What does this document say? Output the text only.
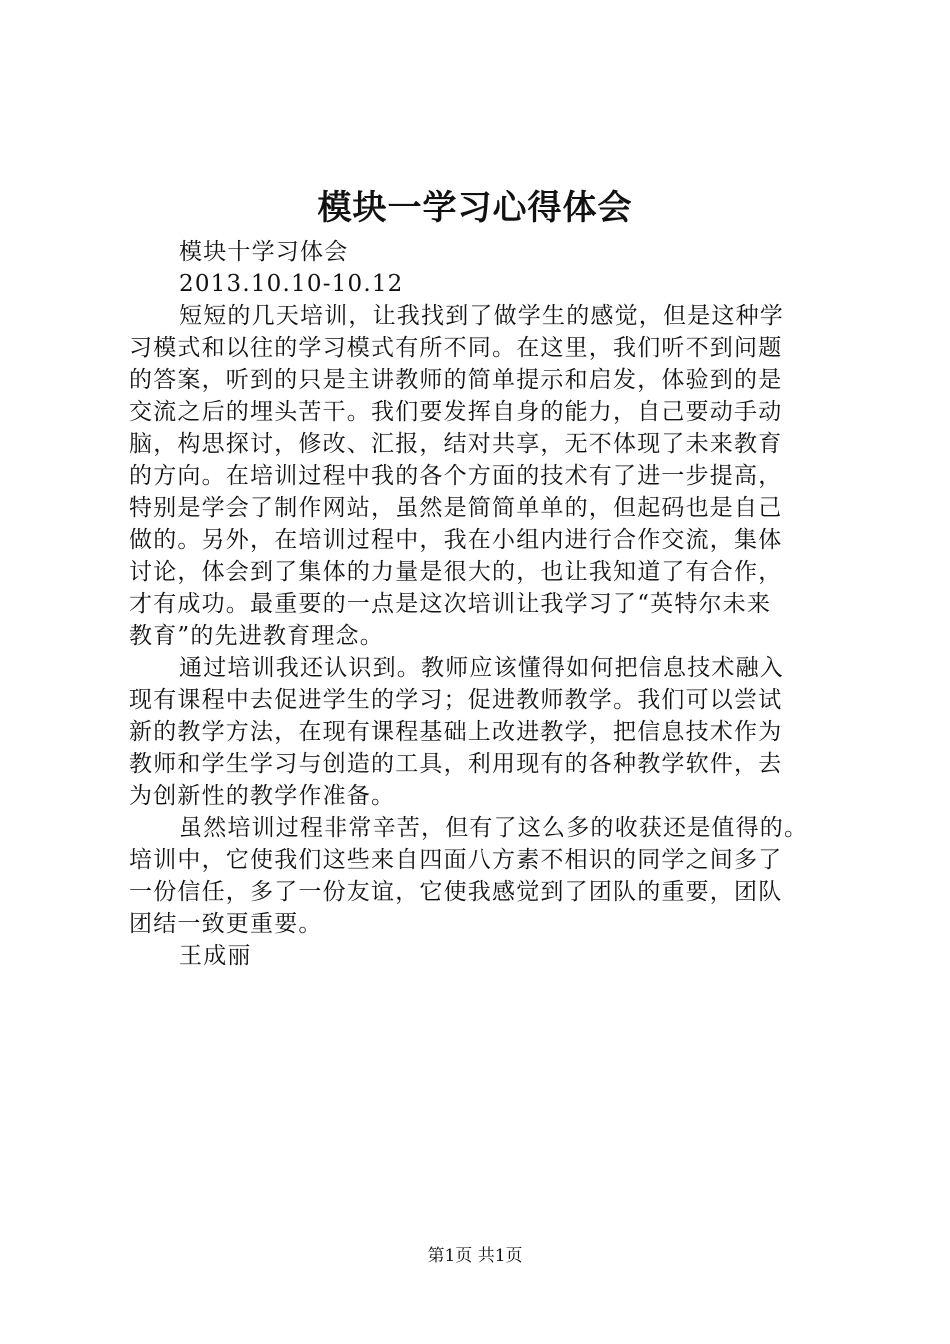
模块一学习心得体会
模块十学习体会
2013.10.10-10.12
短短的几天培训，让我找到了做学生的感觉，但是这种学
习模式和以往的学习模式有所不同。在这里，我们听不到问题
的答案，听到的只是主讲教师的简单提示和启发，体验到的是
交流之后的埋头苦干。我们要发挥自身的能力，自己要动手动
脑，构思探讨，修改、汇报，结对共享，无不体现了未来教育
的方向。在培训过程中我的各个方面的技术有了进一步提高，
特别是学会了制作网站，虽然是简简单单的，但起码也是自己
做的。另外，在培训过程中，我在小组内进行合作交流，集体
讨论，体会到了集体的力量是很大的，也让我知道了有合作，
才有成功。最重要的一点是这次培训让我学习了“英特尔未来
教育”的先进教育理念。
通过培训我还认识到。教师应该懂得如何把信息技术融入
现有课程中去促进学生的学习；促进教师教学。我们可以尝试
新的教学方法，在现有课程基础上改进教学，把信息技术作为
教师和学生学习与创造的工具，利用现有的各种教学软件，去
为创新性的教学作准备。
虽然培训过程非常辛苦，但有了这么多的收获还是值得的。
培训中，它使我们这些来自四面八方素不相识的同学之间多了
一份信任，多了一份友谊，它使我感觉到了团队的重要，团队
团结一致更重要。
王成丽
第1页 共1页
